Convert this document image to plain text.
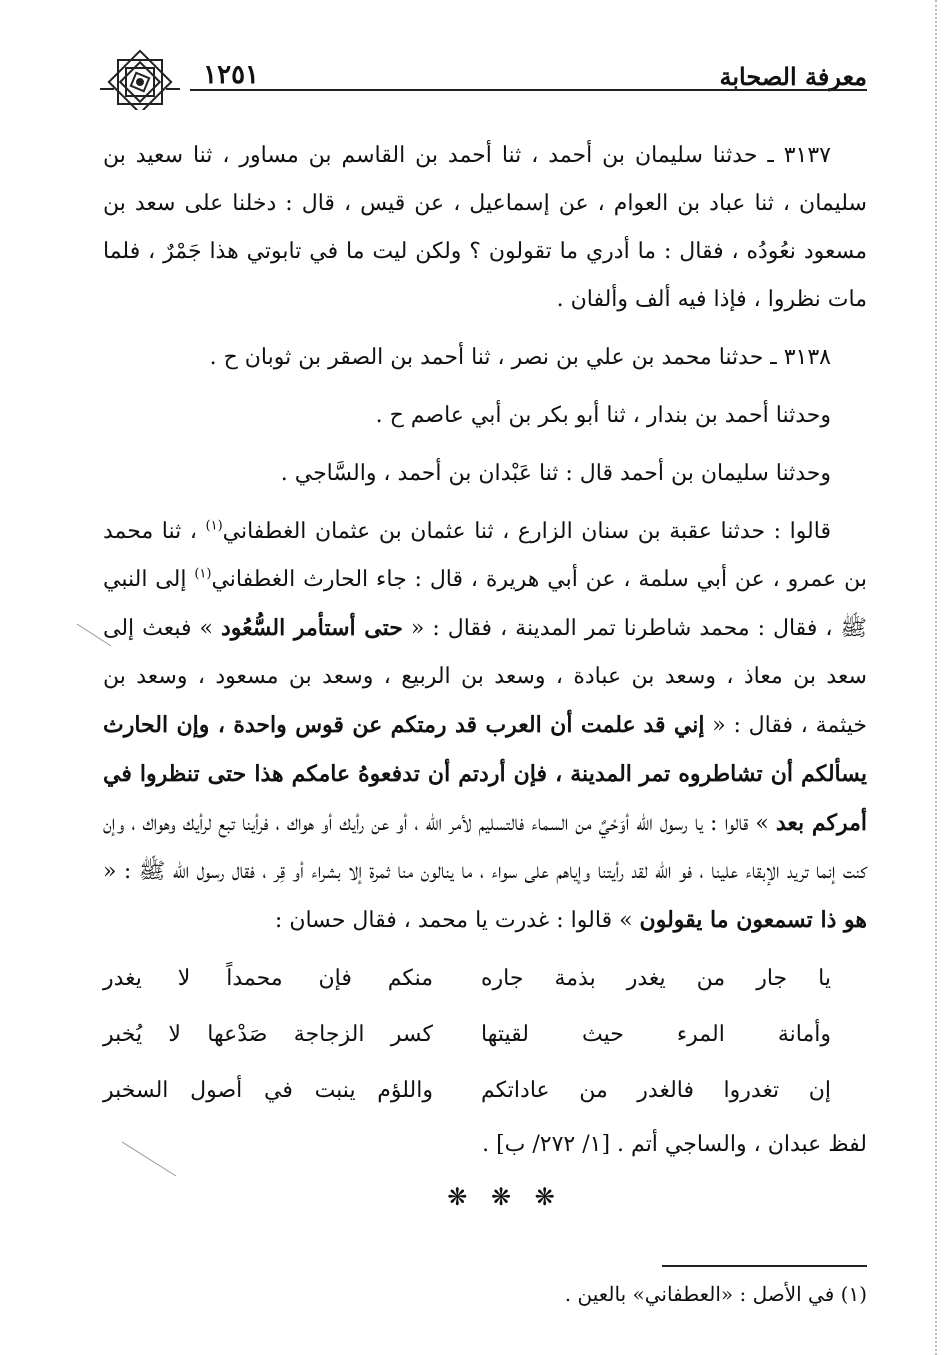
معرفة الصحابة
١٢٥١

٣١٣٧ ـ حدثنا سليمان بن أحمد ، ثنا أحمد بن القاسم بن مساور ، ثنا سعيد بن سليمان ، ثنا عباد بن العوام ، عن إسماعيل ، عن قيس ، قال : دخلنا على سعد بن مسعود نعُودُه ، فقال : ما أدري ما تقولون ؟ ولكن ليت ما في تابوتي هذا جَمْرٌ ، فلما مات نظروا ، فإذا فيه ألف وألفان .

٣١٣٨ ـ حدثنا محمد بن علي بن نصر ، ثنا أحمد بن الصقر بن ثوبان ح .

وحدثنا أحمد بن بندار ، ثنا أبو بكر بن أبي عاصم ح .

وحدثنا سليمان بن أحمد قال : ثنا عَبْدان بن أحمد ، والسَّاجي .

قالوا : حدثنا عقبة بن سنان الزارع ، ثنا عثمان بن عثمان الغطفاني$^{(١)}$ ، ثنا محمد بن عمرو ، عن أبي سلمة ، عن أبي هريرة ، قال : جاء الحارث الغطفاني$^{(١)}$ إلى النبي ﷺ ، فقال : محمد شاطرنا تمر المدينة ، فقال : « حتى أستأمر السُّعُود » فبعث إلى سعد بن معاذ ، وسعد بن عبادة ، وسعد بن الربيع ، وسعد بن مسعود ، وسعد بن خيثمة ، فقال : « إني قد علمت أن العرب قد رمتكم عن قوس واحدة ، وإن الحارث يسألكم أن تشاطروه تمر المدينة ، فإن أردتم أن تدفعوهُ عامكم هذا حتى تنظروا في أمركم بعد » قالوا : يا رسول الله أوَحْيٌ من السماء فالتسليم لأمر الله ، أو عن رأيك أو هواك ، فرأينا تبع لرأيك وهواك ، وإن كنت إنما تريد الإبقاء علينا ، فو الله لقد رأيتنا وإياهم على سواء ، ما ينالون منا ثمرة إلا بشراء أو قِر ، فقال رسول الله ﷺ : « هو ذا تسمعون ما يقولون » قالوا : غدرت يا محمد ، فقال حسان :

يا جار من يغدر بذمة جاره
منكم فإن محمداً لا يغدر
وأمانة المرء حيث لقيتها
كسر الزجاجة صَدْعها لا يُخبر
إن تغدروا فالغدر من عاداتكم
واللؤم ينبت في أصول السخبر

لفظ عبدان ، والساجي أتم . [١/ ٢٧٢/ ب] .

❋ ❋ ❋
(١) في الأصل : «العطفاني» بالعين .
